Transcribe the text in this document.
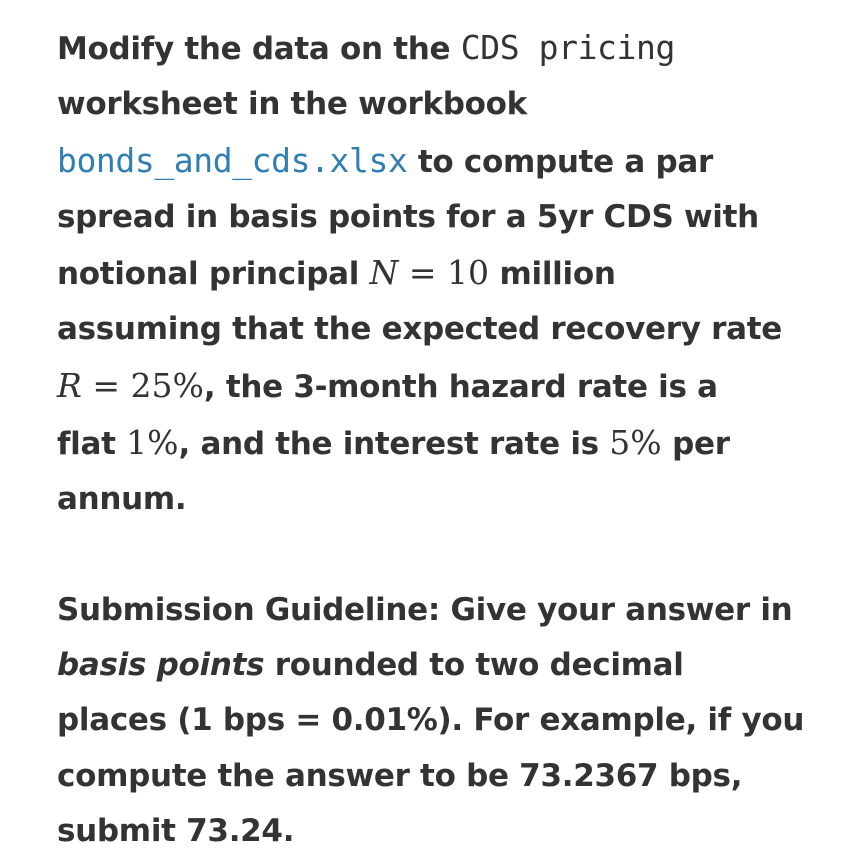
Modify the data on the CDS pricing
worksheet in the workbook
bonds_and_cds.xlsx to compute a par
spread in basis points for a 5yr CDS with
notional principal N = 10 million
assuming that the expected recovery rate
R = 25%, the 3-month hazard rate is a
flat 1%, and the interest rate is 5% per
annum.

Submission Guideline: Give your answer in
basis points rounded to two decimal
places (1 bps = 0.01%). For example, if you
compute the answer to be 73.2367 bps,
submit 73.24.
